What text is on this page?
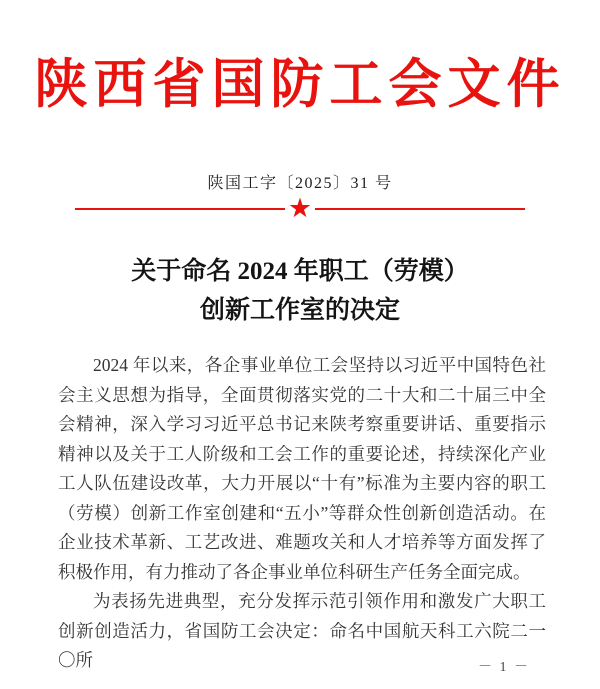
陕西省国防工会文件
陕国工字〔2025〕31 号
★
关于命名 2024 年职工（劳模）
创新工作室的决定

2024 年以来，各企事业单位工会坚持以习近平中国特色社会主义思想为指导，全面贯彻落实党的二十大和二十届三中全会精神，深入学习习近平总书记来陕考察重要讲话、重要指示精神以及关于工人阶级和工会工作的重要论述，持续深化产业工人队伍建设改革，大力开展以“十有”标准为主要内容的职工（劳模）创新工作室创建和“五小”等群众性创新创造活动。在企业技术革新、工艺改进、难题攻关和人才培养等方面发挥了积极作用，有力推动了各企事业单位科研生产任务全面完成。

为表扬先进典型，充分发挥示范引领作用和激发广大职工创新创造活力，省国防工会决定：命名中国航天科工六院二一〇所	－ 1 －
